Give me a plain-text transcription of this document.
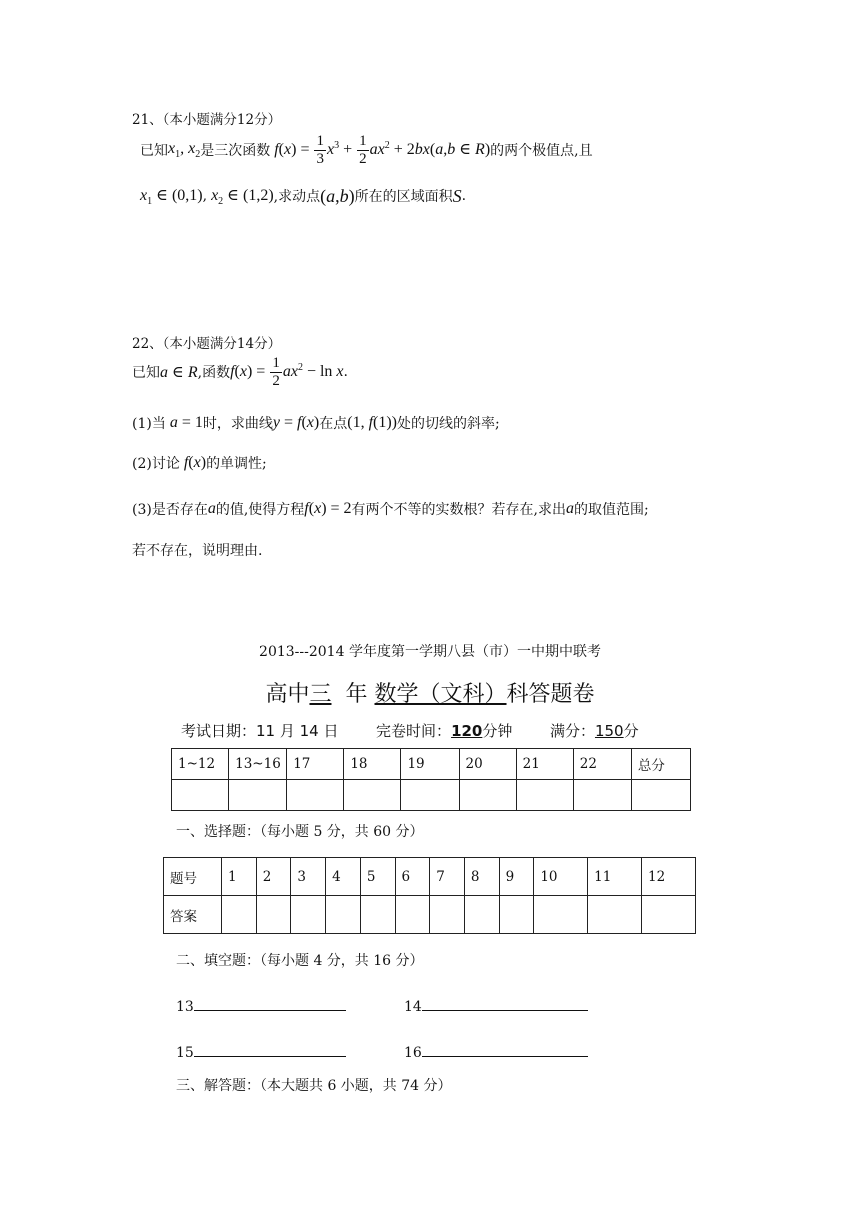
21、（本小题满分12分）
已知 $x_1$, $x_2$ 是三次函数 $f(x) = \frac{1}{3} x^3 + \frac{1}{2} ax^2 + 2bx(a,b$ ∈ R) 的两个极值点,且
$x_1$ ∈ (0,1) , $x_2$ ∈ (1,2) ,求动点 (a,b) 所在的区域面积 S .
22、（本小题满分14分）
已知 a ∈ R ,函数 $f(x) = \frac{1}{2} ax^2 - \ln x$ .
(1)当 a = 1 时，求曲线 y = f(x) 在点 (1, f(1)) 处的切线的斜率;
(2)讨论 f(x) 的单调性;
(3)是否存在 a 的值,使得方程 f(x) = 2 有两个不等的实数根？若存在,求出 a 的取值范围;
若不存在，说明理由.
2013---2014 学年度第一学期八县（市）一中期中联考
高中三 年 数学（文科）科答题卷
考试日期：11 月 14 日	完卷时间：120分钟	满分：150分
1~12	13~16	17	18	19	20	21	22	总分

一、选择题：（每小题 5 分，共 60 分）
题号	1	2	3	4	5	6	7	8	9	10	11	12
答案												
二、填空题：（每小题 4 分，共 16 分）
13	14
15	16
三、解答题：（本大题共 6 小题，共 74 分）
